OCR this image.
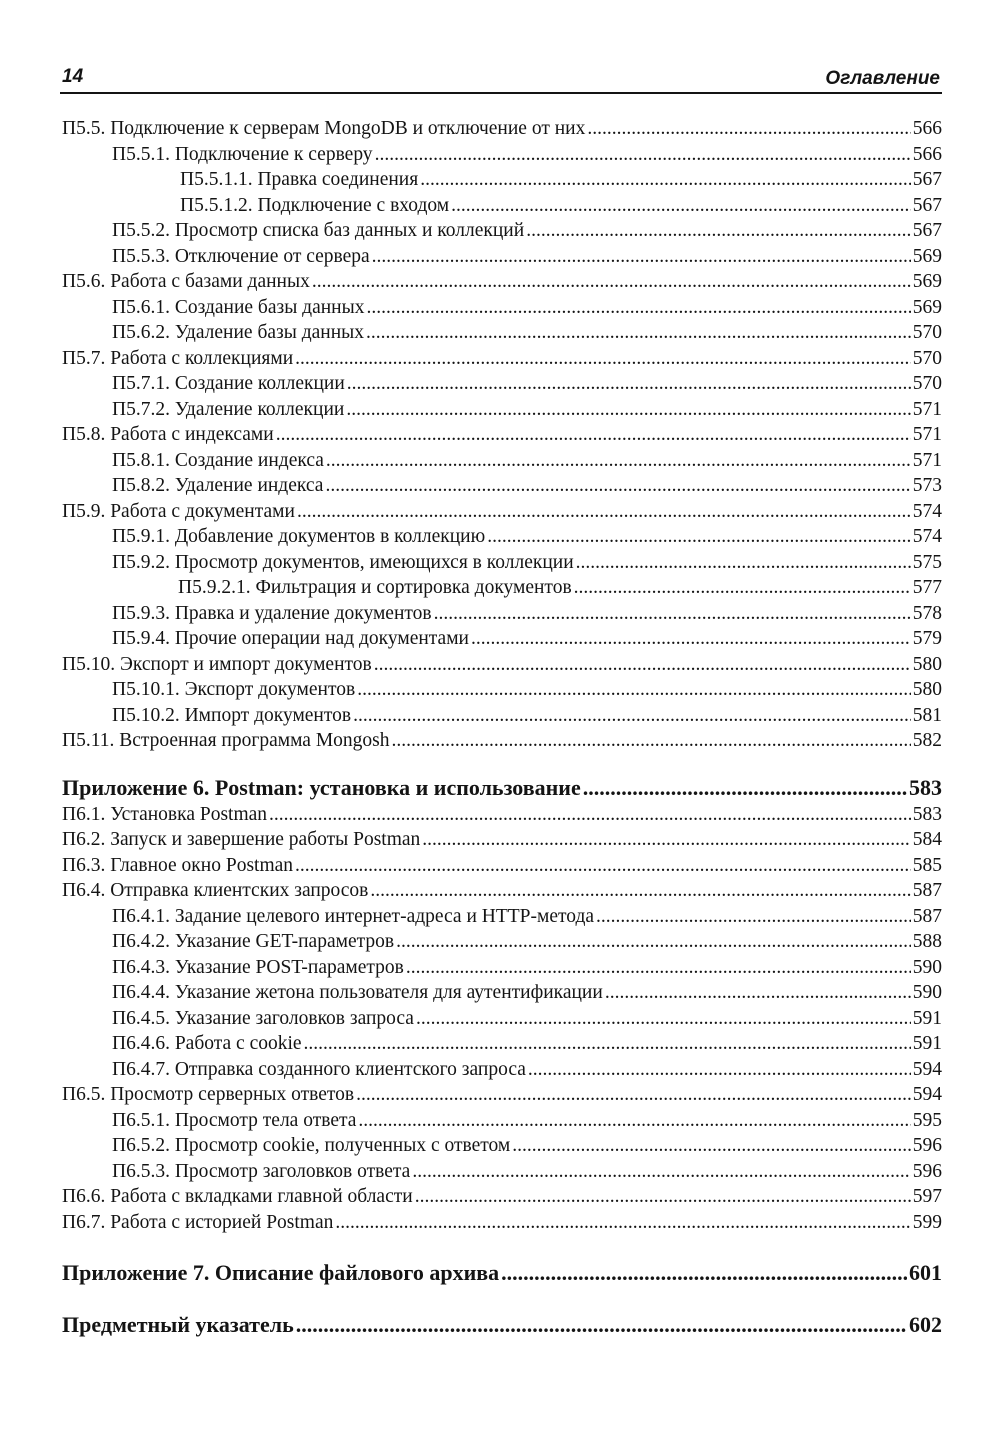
14	Оглавление
П5.5. Подключение к серверам MongoDB и отключение от них .....	566
П5.5.1. Подключение к серверу .....	566
П5.5.1.1. Правка соединения .....	567
П5.5.1.2. Подключение с входом .....	567
П5.5.2. Просмотр списка баз данных и коллекций .....	567
П5.5.3. Отключение от сервера .....	569
П5.6. Работа с базами данных .....	569
П5.6.1. Создание базы данных .....	569
П5.6.2. Удаление базы данных .....	570
П5.7. Работа с коллекциями .....	570
П5.7.1. Создание коллекции .....	570
П5.7.2. Удаление коллекции .....	571
П5.8. Работа с индексами .....	571
П5.8.1. Создание индекса .....	571
П5.8.2. Удаление индекса .....	573
П5.9. Работа с документами .....	574
П5.9.1. Добавление документов в коллекцию .....	574
П5.9.2. Просмотр документов, имеющихся в коллекции .....	575
П5.9.2.1. Фильтрация и сортировка документов .....	577
П5.9.3. Правка и удаление документов .....	578
П5.9.4. Прочие операции над документами .....	579
П5.10. Экспорт и импорт документов .....	580
П5.10.1. Экспорт документов .....	580
П5.10.2. Импорт документов .....	581
П5.11. Встроенная программа Mongosh .....	582
Приложение 6. Postman: установка и использование .....	583
П6.1. Установка Postman .....	583
П6.2. Запуск и завершение работы Postman .....	584
П6.3. Главное окно Postman .....	585
П6.4. Отправка клиентских запросов .....	587
П6.4.1. Задание целевого интернет-адреса и HTTP-метода .....	587
П6.4.2. Указание GET-параметров .....	588
П6.4.3. Указание POST-параметров .....	590
П6.4.4. Указание жетона пользователя для аутентификации .....	590
П6.4.5. Указание заголовков запроса .....	591
П6.4.6. Работа с cookie .....	591
П6.4.7. Отправка созданного клиентского запроса .....	594
П6.5. Просмотр серверных ответов .....	594
П6.5.1. Просмотр тела ответа .....	595
П6.5.2. Просмотр cookie, полученных с ответом .....	596
П6.5.3. Просмотр заголовков ответа .....	596
П6.6. Работа с вкладками главной области .....	597
П6.7. Работа с историей Postman .....	599
Приложение 7. Описание файлового архива .....	601
Предметный указатель .....	602
